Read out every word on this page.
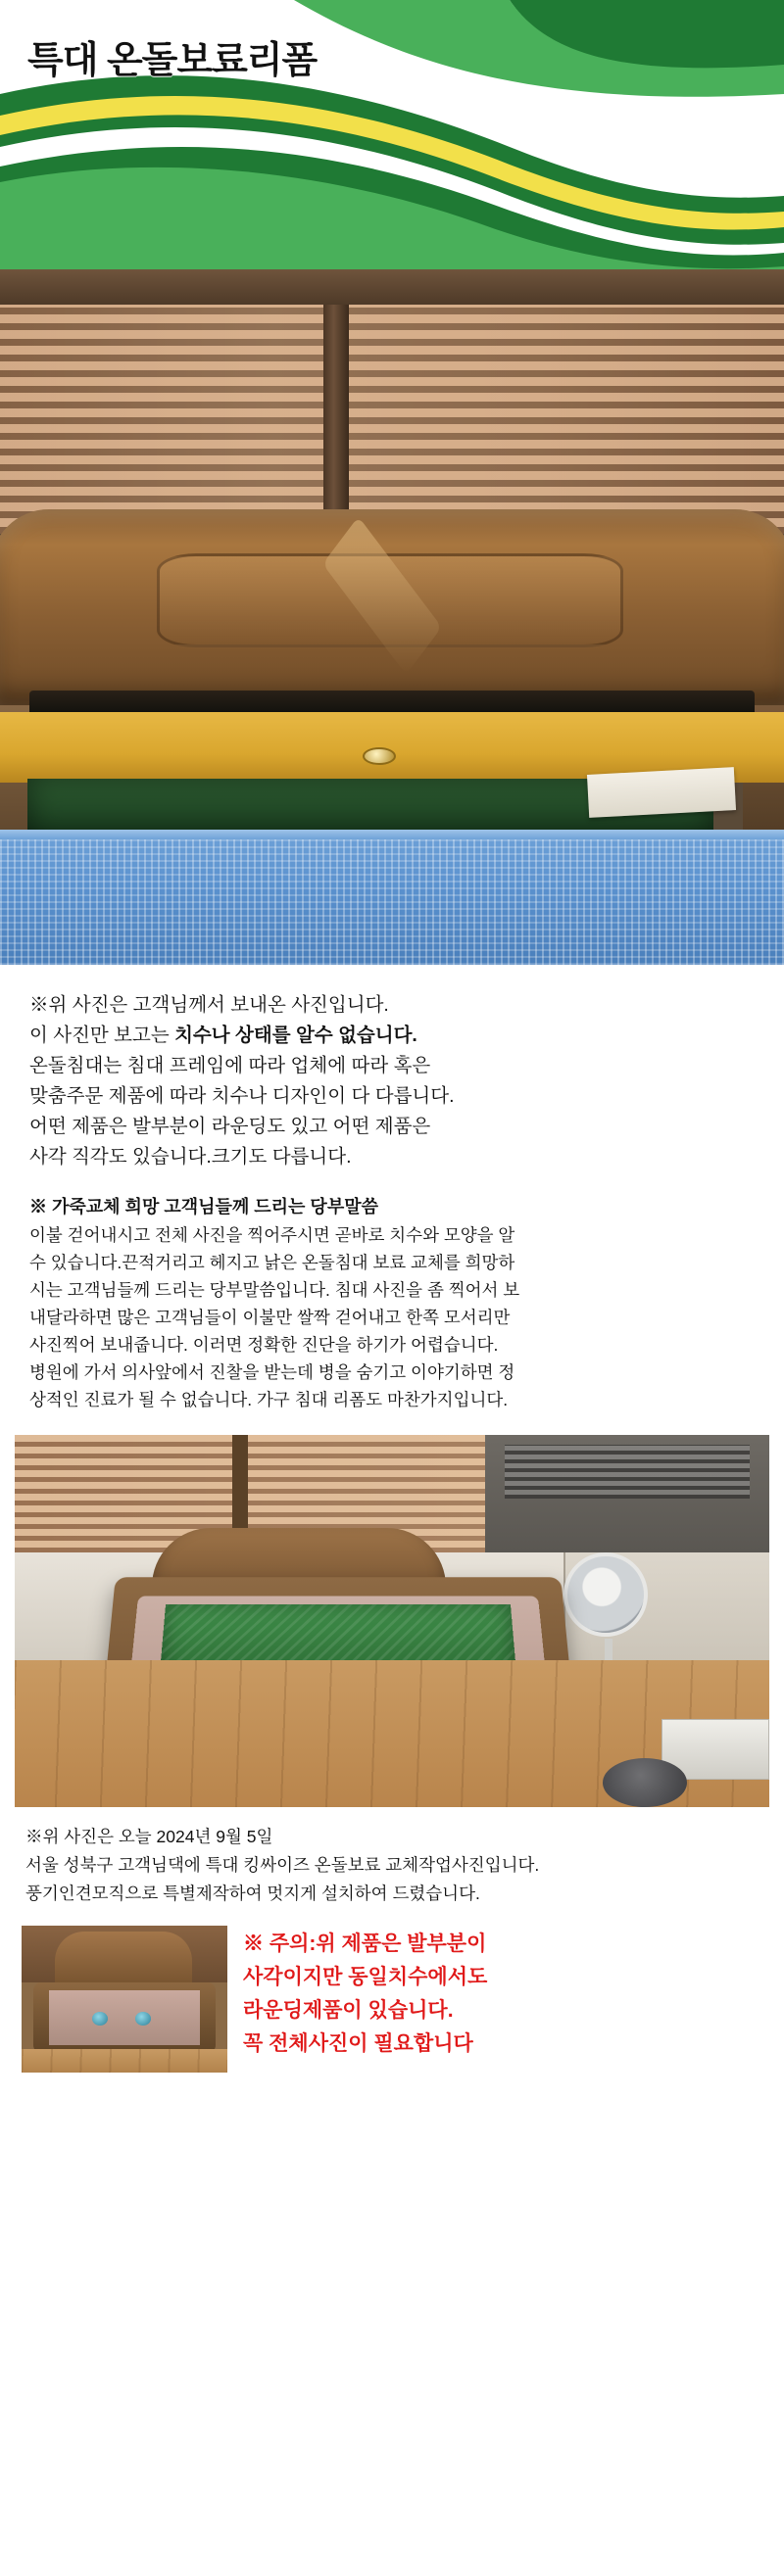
특대 온돌보료리폼
※위 사진은 고객님께서 보내온 사진입니다.
이 사진만 보고는 치수나 상태를 알수 없습니다.
온돌침대는 침대 프레임에 따라 업체에 따라 혹은
맞춤주문 제품에 따라 치수나 디자인이 다 다릅니다.
어떤 제품은 발부분이 라운딩도 있고 어떤 제품은
사각 직각도 있습니다.크기도 다릅니다.
※ 가죽교체 희망 고객님들께 드리는 당부말씀
이불 걷어내시고 전체 사진을 찍어주시면 곧바로 치수와 모양을 알
수 있습니다.끈적거리고 헤지고 낡은 온돌침대 보료 교체를 희망하
시는 고객님들께 드리는 당부말씀입니다. 침대 사진을 좀 찍어서 보
내달라하면 많은 고객님들이 이불만 쌀짝 걷어내고 한쪽 모서리만
사진찍어 보내줍니다. 이러면 정확한 진단을 하기가 어렵습니다.
병원에 가서 의사앞에서 진찰을 받는데 병을 숨기고 이야기하면 정
상적인 진료가 될 수 없습니다. 가구 침대 리폼도 마찬가지입니다.
※위 사진은 오늘 2024년 9월 5일
서울 성북구 고객님댁에 특대 킹싸이즈 온돌보료 교체작업사진입니다.
풍기인견모직으로 특별제작하여 멋지게 설치하여 드렸습니다.
※ 주의:위 제품은 발부분이
사각이지만 동일치수에서도
라운딩제품이 있습니다.
꼭 전체사진이 필요합니다
